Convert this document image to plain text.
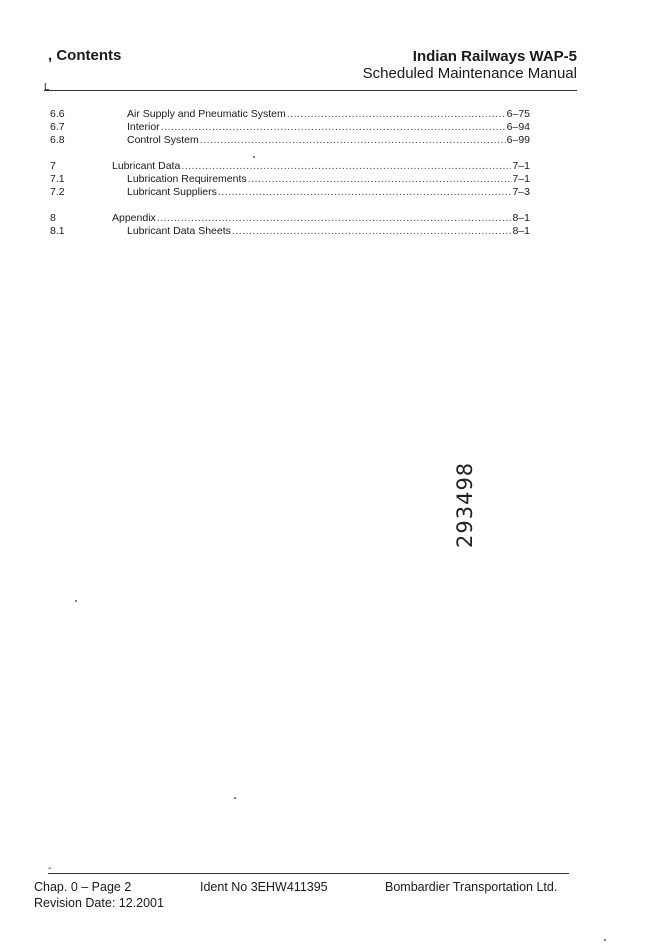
, Contents	Indian Railways WAP-5
Scheduled Maintenance Manual
L
6.6	Air Supply and Pneumatic System .....	6–75
6.7	Interior .....	6–94
6.8	Control System .....	6–99
7	Lubricant Data .....	7–1
7.1	Lubrication Requirements .....	7–1
7.2	Lubricant Suppliers .....	7–3
8	Appendix .....	8–1
8.1	Lubricant Data Sheets .....	8–1
293498
-
Chap. 0 – Page 2
Revision Date: 12.2001
Ident No 3EHW411395	Bombardier Transportation Ltd.
